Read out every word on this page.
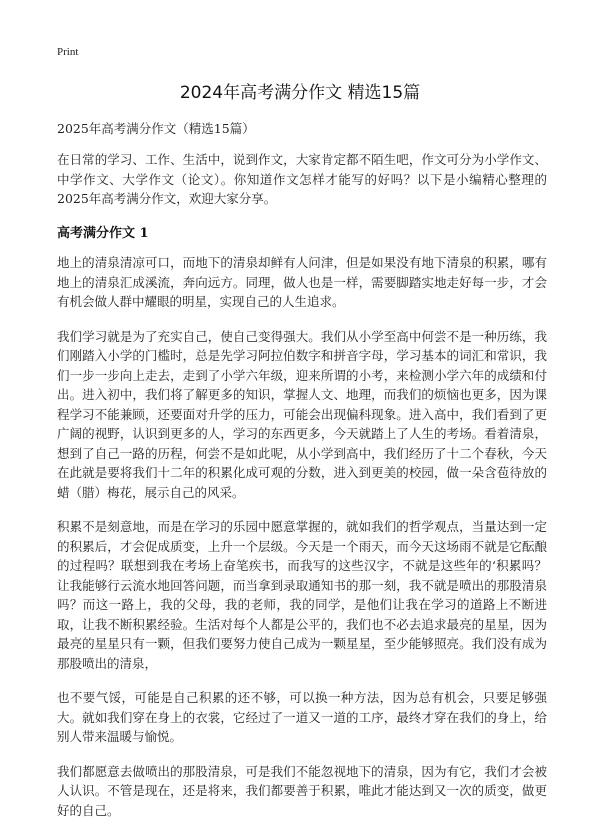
Print
2024年高考满分作文 精选15篇
2025年高考满分作文（精选15篇）

在日常的学习、工作、生活中，说到作文，大家肯定都不陌生吧，作文可分为小学作文、中学作文、大学作文（论文）。你知道作文怎样才能写的好吗？以下是小编精心整理的2025年高考满分作文，欢迎大家分享。

高考满分作文 1

地上的清泉清凉可口，而地下的清泉却鲜有人问津，但是如果没有地下清泉的积累，哪有地上的清泉汇成溪流，奔向远方。同理，做人也是一样，需要脚踏实地走好每一步，才会有机会做人群中耀眼的明星，实现自己的人生追求。

我们学习就是为了充实自己，使自己变得强大。我们从小学至高中何尝不是一种历练，我们刚踏入小学的门槛时，总是先学习阿拉伯数字和拼音字母，学习基本的词汇和常识，我们一步一步向上走去，走到了小学六年级，迎来所谓的小考，来检测小学六年的成绩和付出。进入初中，我们将了解更多的知识，掌握人文、地理，而我们的烦恼也更多，因为课程学习不能兼顾，还要面对升学的压力，可能会出现偏科现象。进入高中，我们看到了更广阔的视野，认识到更多的人，学习的东西更多，今天就踏上了人生的考场。看着清泉，想到了自己一路的历程，何尝不是如此呢，从小学到高中，我们经历了十二个春秋，今天在此就是要将我们十二年的积累化成可观的分数，进入到更美的校园，做一朵含苞待放的蜡（腊）梅花，展示自己的风采。

积累不是刻意地，而是在学习的乐园中愿意掌握的，就如我们的哲学观点，当量达到一定的积累后，才会促成质变，上升一个层级。今天是一个雨天，而今天这场雨不就是它酝酿的过程吗？联想到我在考场上奋笔疾书，而我写的这些汉字，不就是这些年的‘积累吗？让我能够行云流水地回答问题，而当拿到录取通知书的那一刻，我不就是喷出的那股清泉吗？而这一路上，我的父母，我的老师，我的同学，是他们让我在学习的道路上不断进取，让我不断积累经验。生活对每个人都是公平的，我们也不必去追求最亮的星星，因为最亮的星星只有一颗，但我们要努力使自己成为一颗星星，至少能够照亮。我们没有成为那股喷出的清泉，

也不要气馁，可能是自己积累的还不够，可以换一种方法，因为总有机会，只要足够强大。就如我们穿在身上的衣裳，它经过了一道又一道的工序，最终才穿在我们的身上，给别人带来温暖与愉悦。

我们都愿意去做喷出的那股清泉，可是我们不能忽视地下的清泉，因为有它，我们才会被人认识。不管是现在，还是将来，我们都要善于积累，唯此才能达到又一次的质变，做更好的自己。
